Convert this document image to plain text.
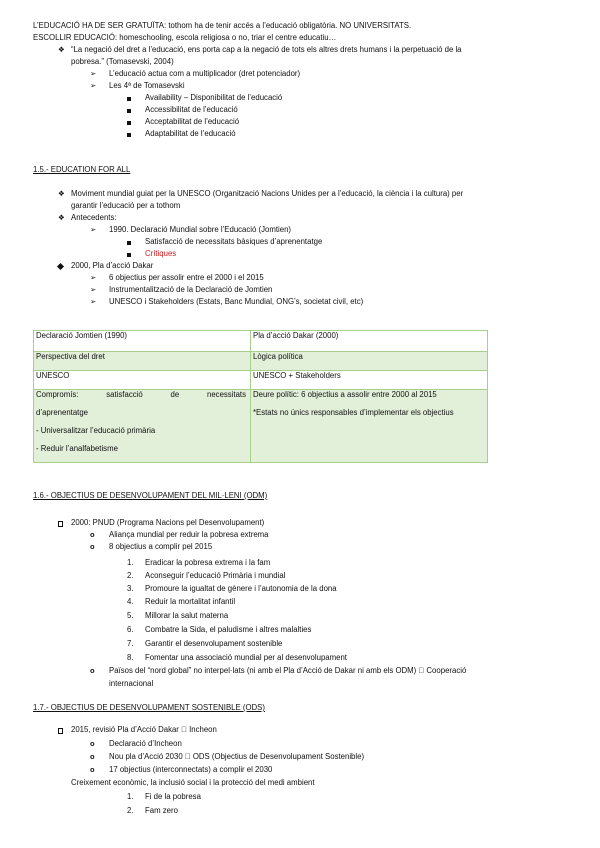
L’EDUCACIÓ HA DE SER GRATUÏTA: tothom ha de tenir accés a l’educació obligatòria. NO UNIVERSITATS.
ESCOLLIR EDUCACIÓ: homeschooling, escola religiosa o no, triar el centre educatiu…
❖ “La negació del dret a l’educació, ens porta cap a la negació de tots els altres drets humans i la perpetuació de la
pobresa.” (Tomasevski, 2004)
➢ L’educació actua com a multiplicador (dret potenciador)
➢ Les 4ª de Tomasevski
Availability – Disponibilitat de l’educació
Accessibilitat de l’educació
Acceptabilitat de l’educació
Adaptabilitat de l’educació
1.5.- EDUCATION FOR ALL
❖ Moviment mundial guiat per la UNESCO (Organització Nacions Unides per a l’educació, la ciència i la cultura) per
garantir l’educació per a tothom
❖ Antecedents:
➢ 1990. Declaració Mundial sobre l’Educació (Jomtien)
Satisfacció de necessitats bàsiques d’aprenentatge
Crítiques
2000, Pla d’acció Dakar
➢ 6 objectius per assolir entre el 2000 i el 2015
➢ Instrumentalització de la Declaració de Jomtien
➢ UNESCO i Stakeholders (Estats, Banc Mundial, ONG’s, societat civil, etc)
Declaració Jomtien (1990)	Pla d’acció Dakar (2000)
Perspectiva del dret	Lògica política
UNESCO	UNESCO + Stakeholders

Compromís: satisfacció de necessitats
d’aprenentatge
- Universalitzar l’educació primària
- Reduir l’analfabetisme	Deure polític: 6 objectius a assolir entre 2000 al 2015
*Estats no únics responsables d’implementar els objectius
1.6.- OBJECTIUS DE DESENVOLUPAMENT DEL MIL·LENI (ODM)
2000: PNUD (Programa Nacions pel Desenvolupament)
o Aliança mundial per reduir la pobresa extrema
o 8 objectius a complir pel 2015
1. Eradicar la pobresa extrema i la fam
2. Aconseguir l’educació Primària i mundial
3. Promoure la igualtat de gènere i l’autonomia de la dona
4. Reduir la mortalitat infantil
5. Millorar la salut materna
6. Combatre la Sida, el paludisme i altres malalties
7. Garantir el desenvolupament sostenible
8. Fomentar una associació mundial per al desenvolupament
o Països del “nord global” no interpel·lats (ni amb el Pla d’Acció de Dakar ni amb els ODM)   Cooperació
internacional
1.7.- OBJECTIUS DE DESENVOLUPAMENT SOSTENIBLE (ODS)
2015, revisió Pla d’Acció Dakar   Incheon
o Declaració d’Incheon
o Nou pla d’Acció 2030   ODS (Objectius de Desenvolupament Sostenible)
o 17 objectius (interconnectats) a complir el 2030
Creixement econòmic, la inclusió social i la protecció del medi ambient
1. Fi de la pobresa
2. Fam zero
